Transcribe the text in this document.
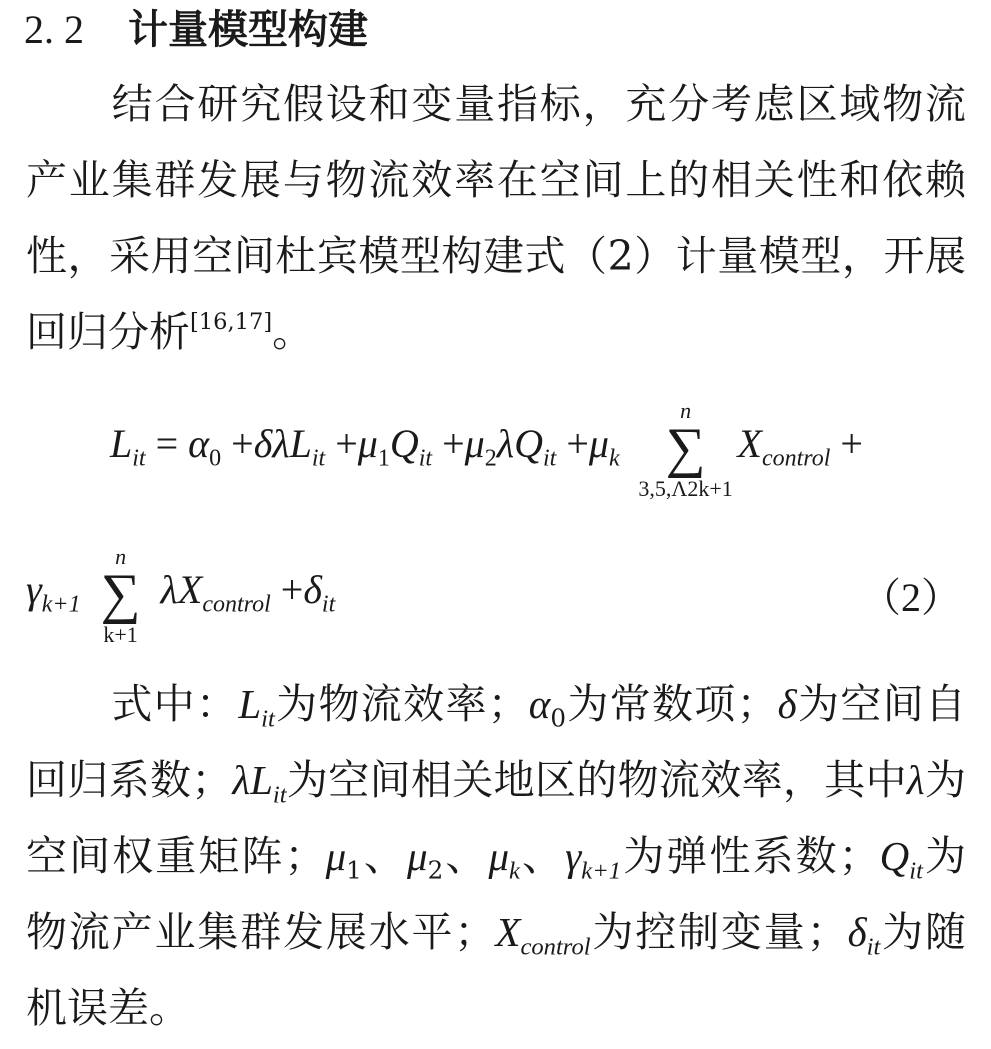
2. 2 计量模型构建
结合研究假设和变量指标，充分考虑区域物流产业集群发展与物流效率在空间上的相关性和依赖性，采用空间杜宾模型构建式（2）计量模型，开展回归分析[16,17]。
$L_{it} = \alpha_0 +\delta\lambda L_{it} +\mu_1Q_{it} +\mu_2\lambda Q_{it} +\mu_k$
n
∑
3,5,Λ2k+1
$X_{control}$ +
$\gamma_{k+1}$
n
∑
k+1
$\lambda X_{control} +\delta_{it}$	（2）
式中：$L_{it}$为物流效率；$\alpha_0$为常数项；δ为空间自回归系数；$\lambda L_{it}$为空间相关地区的物流效率，其中λ为空间权重矩阵；$\mu_1$、$\mu_2$、$\mu_k$、$\gamma_{k+1}$为弹性系数；$Q_{it}$为物流产业集群发展水平；$X_{control}$为控制变量；$\delta_{it}$为随机误差。
